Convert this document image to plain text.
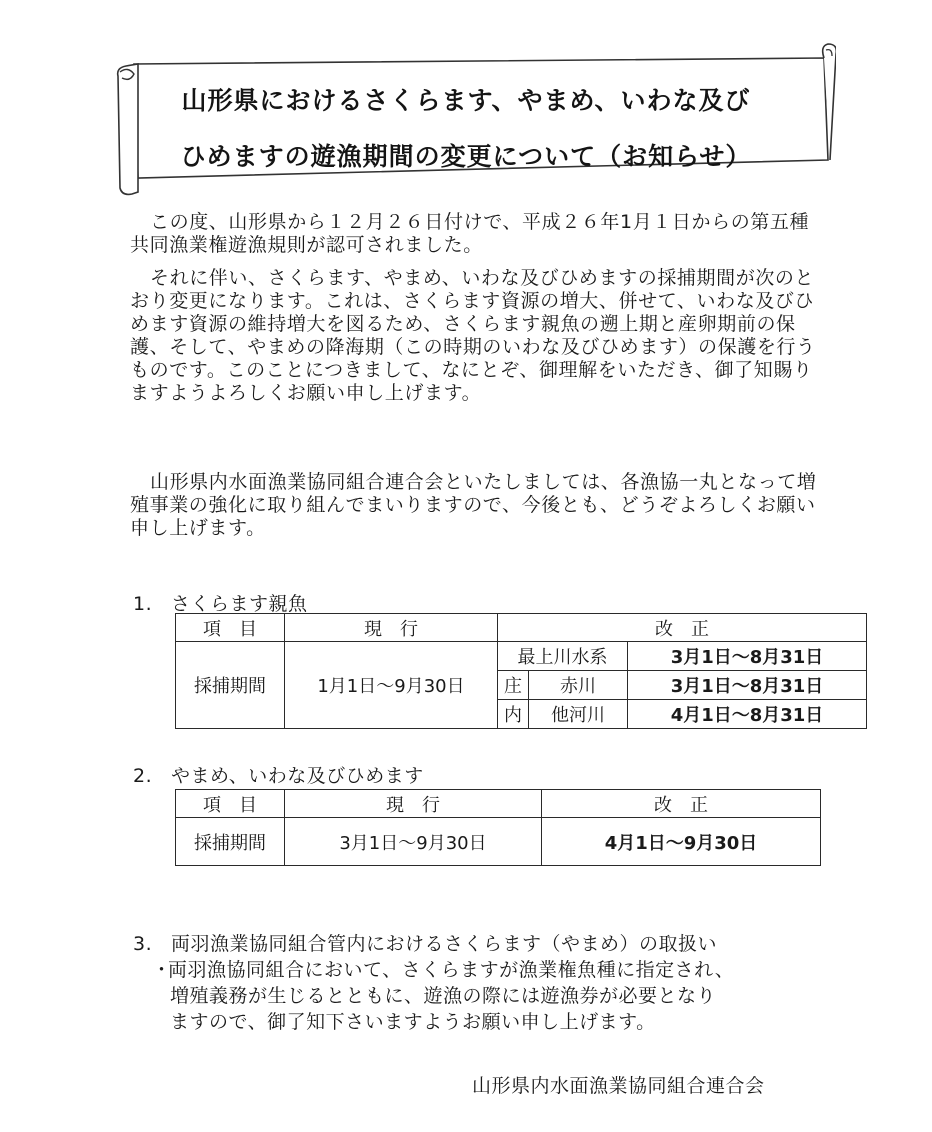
山形県におけるさくらます、やまめ、いわな及び
ひめますの遊漁期間の変更について（お知らせ）

この度、山形県から１２月２６日付けで、平成２６年1月１日からの第五種共同漁業権遊漁規則が認可されました。

それに伴い、さくらます、やまめ、いわな及びひめますの採捕期間が次のとおり変更になります。これは、さくらます資源の増大、併せて、いわな及びひめます資源の維持増大を図るため、さくらます親魚の遡上期と産卵期前の保護、そして、やまめの降海期（この時期のいわな及びひめます）の保護を行うものです。このことにつきまして、なにとぞ、御理解をいただき、御了知賜りますようよろしくお願い申し上げます。

山形県内水面漁業協同組合連合会といたしましては、各漁協一丸となって増殖事業の強化に取り組んでまいりますので、今後とも、どうぞよろしくお願い申し上げます。

1. さくらます親魚
項　目	現　行	改　正		
採捕期間	1月1日～9月30日	最上川水系		3月1日～8月31日
		庄	赤川	3月1日～8月31日
		内	他河川	4月1日～8月31日
2. やまめ、いわな及びひめます
項　目	現　行	改　正
採捕期間	3月1日～9月30日	4月1日～9月30日
3. 両羽漁業協同組合管内におけるさくらます（やまめ）の取扱い
・両羽漁協同組合において、さくらますが漁業権魚種に指定され、
増殖義務が生じるとともに、遊漁の際には遊漁券が必要となり
ますので、御了知下さいますようお願い申し上げます。
山形県内水面漁業協同組合連合会
